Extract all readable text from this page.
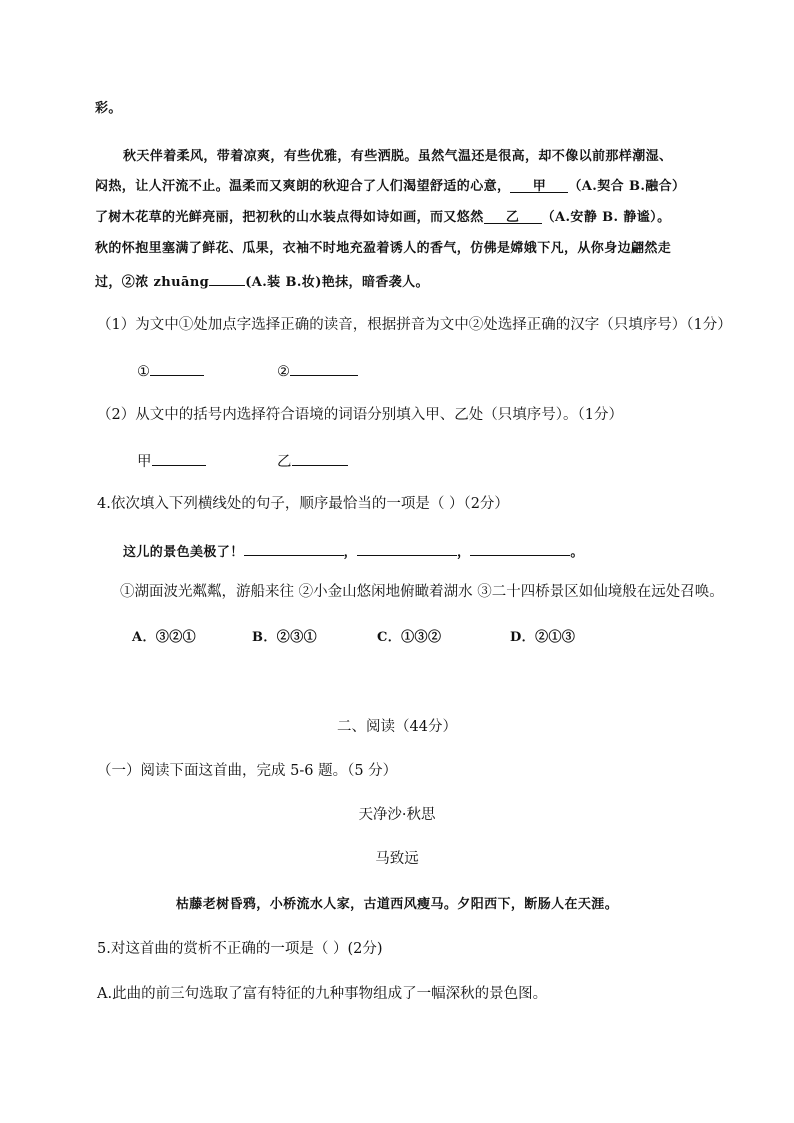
彩。
秋天伴着柔风，带着凉爽，有些优雅，有些洒脱。虽然气温还是很高，却不像以前那样潮湿、
闷热，让人汗流不止。温柔而又爽朗的秋迎合了人们渴望舒适的心意， 甲 （A.契合 B.融合）
了树木花草的光鲜亮丽，把初秋的山水装点得如诗如画，而又悠然 乙 （A.安静 B. 静谧）。
秋的怀抱里塞满了鲜花、瓜果，衣袖不时地充盈着诱人的香气，仿佛是嫦娥下凡，从你身边翩然走
过，②浓 zhuāng	(A.装 B.妆)艳抹，暗香袭人。
（1）为文中①处加点字选择正确的读音，根据拼音为文中②处选择正确的汉字（只填序号）（1分）
①	②
（2）从文中的括号内选择符合语境的词语分别填入甲、乙处（只填序号）。（1分）
甲	乙
4.依次填入下列横线处的句子，顺序最恰当的一项是（ ）（2分）
这儿的景色美极了！	，	，	。
①湖面波光粼粼，游船来往 ②小金山悠闲地俯瞰着湖水 ③二十四桥景区如仙境般在远处召唤。
A．③②①	B．②③①	C．①③②	D．②①③
二、阅读（44分）
（一）阅读下面这首曲，完成 5-6 题。（5 分）
天净沙·秋思
马致远
枯藤老树昏鸦，小桥流水人家，古道西风瘦马。夕阳西下，断肠人在天涯。
5.对这首曲的赏析不正确的一项是（ ）(2分)
A.此曲的前三句选取了富有特征的九种事物组成了一幅深秋的景色图。
